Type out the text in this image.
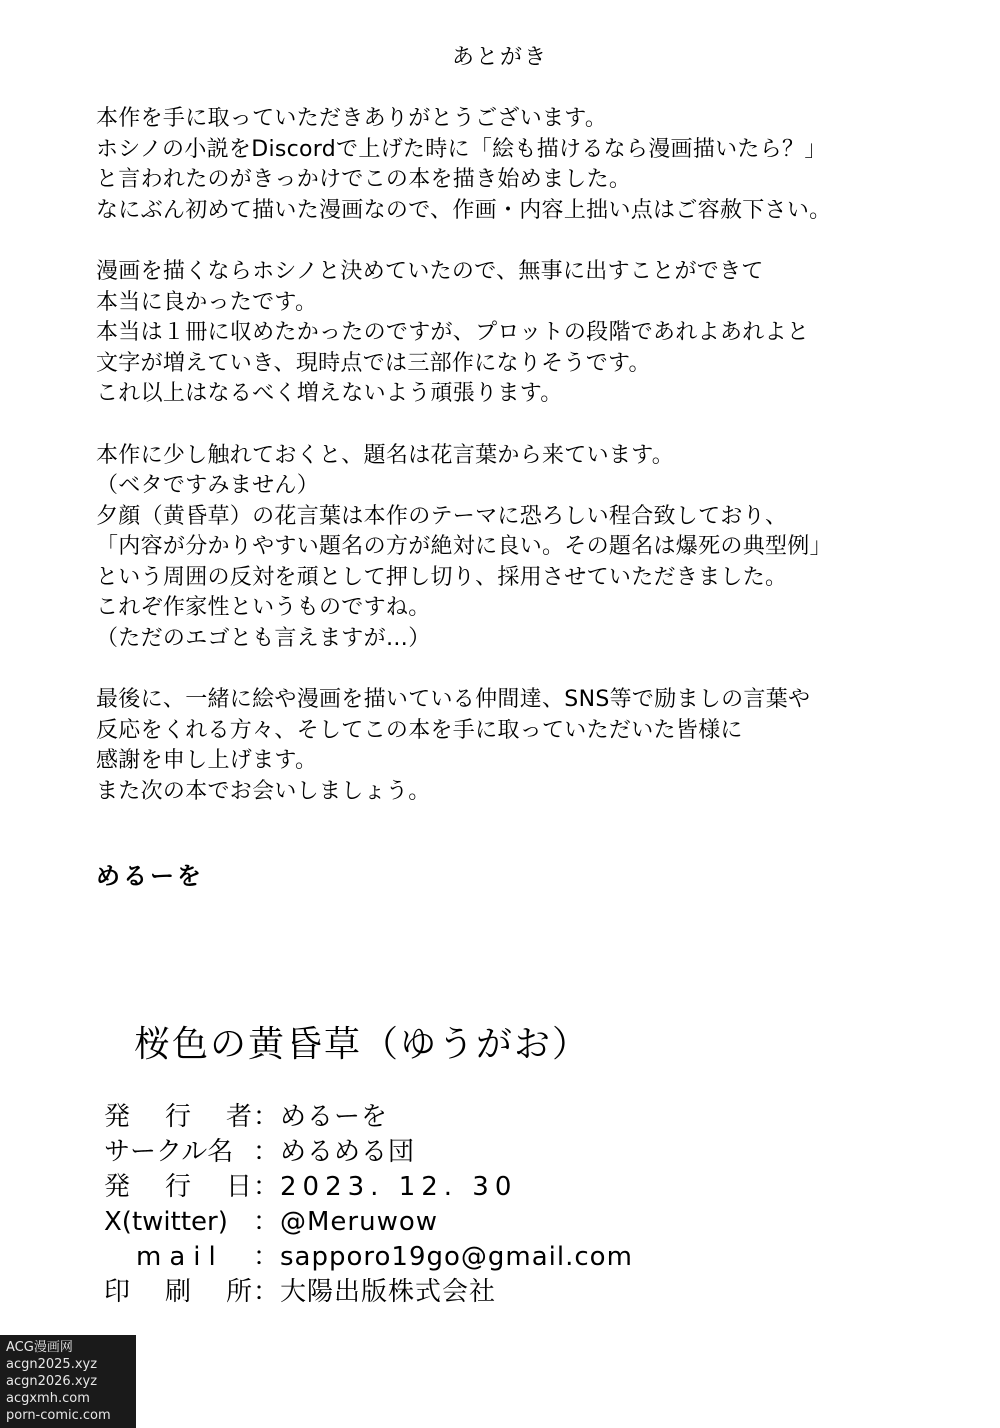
あとがき
本作を手に取っていただきありがとうございます。
ホシノの小説をDiscordで上げた時に「絵も描けるなら漫画描いたら？」
と言われたのがきっかけでこの本を描き始めました。
なにぶん初めて描いた漫画なので、作画・内容上拙い点はご容赦下さい。
漫画を描くならホシノと決めていたので、無事に出すことができて
本当に良かったです。
本当は１冊に収めたかったのですが、プロットの段階であれよあれよと
文字が増えていき、現時点では三部作になりそうです。
これ以上はなるべく増えないよう頑張ります。
本作に少し触れておくと、題名は花言葉から来ています。
（ベタですみません）
夕顔（黄昏草）の花言葉は本作のテーマに恐ろしい程合致しており、
「内容が分かりやすい題名の方が絶対に良い。その題名は爆死の典型例」
という周囲の反対を頑として押し切り、採用させていただきました。
これぞ作家性というものですね。
（ただのエゴとも言えますが…）
最後に、一緒に絵や漫画を描いている仲間達、SNS等で励ましの言葉や
反応をくれる方々、そしてこの本を手に取っていただいた皆様に
感謝を申し上げます。
また次の本でお会いしましょう。
めるーを
桜色の黄昏草（ゆうがお）
発 行 者 ： めるーを
サークル名 ： めるめる団
発 行 日 ： 2023. 12. 30
X(twitter) ： @Meruwow
mail	： sapporo19go@gmail.com
印 刷 所 ： 大陽出版株式会社
ACG漫画网
acgn2025.xyz
acgn2026.xyz
acgxmh.com
porn-comic.com
